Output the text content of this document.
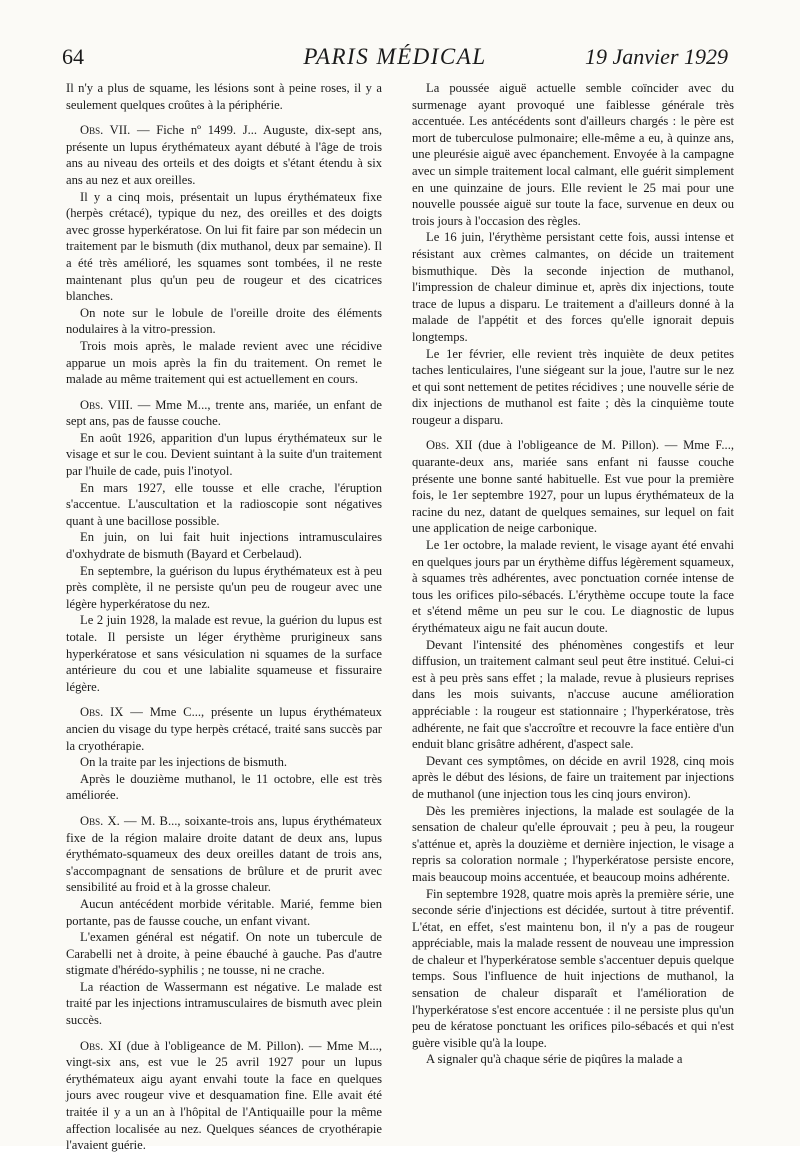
64	PARIS MÉDICAL	19 Janvier 1929

Il n'y a plus de squame, les lésions sont à peine roses, il y a seulement quelques croûtes à la périphérie.

Obs. VII. — Fiche nº 1499. J... Auguste, dix-sept ans, présente un lupus érythémateux ayant débuté à l'âge de trois ans au niveau des orteils et des doigts et s'étant étendu à six ans au nez et aux oreilles.

Il y a cinq mois, présentait un lupus érythémateux fixe (herpès crétacé), typique du nez, des oreilles et des doigts avec grosse hyperkératose. On lui fit faire par son médecin un traitement par le bismuth (dix muthanol, deux par semaine). Il a été très amélioré, les squames sont tombées, il ne reste maintenant plus qu'un peu de rougeur et des cicatrices blanches.

On note sur le lobule de l'oreille droite des éléments nodulaires à la vitro-pression.

Trois mois après, le malade revient avec une récidive apparue un mois après la fin du traitement. On remet le malade au même traitement qui est actuellement en cours.

Obs. VIII. — Mme M..., trente ans, mariée, un enfant de sept ans, pas de fausse couche.

En août 1926, apparition d'un lupus érythémateux sur le visage et sur le cou. Devient suintant à la suite d'un traitement par l'huile de cade, puis l'inotyol.

En mars 1927, elle tousse et elle crache, l'éruption s'accentue. L'auscultation et la radioscopie sont négatives quant à une bacillose possible.

En juin, on lui fait huit injections intramusculaires d'oxhydrate de bismuth (Bayard et Cerbelaud).

En septembre, la guérison du lupus érythémateux est à peu près complète, il ne persiste qu'un peu de rougeur avec une légère hyperkératose du nez.

Le 2 juin 1928, la malade est revue, la guérion du lupus est totale. Il persiste un léger érythème prurigineux sans hyperkératose et sans vésiculation ni squames de la surface antérieure du cou et une labialite squameuse et fissuraire légère.

Obs. IX — Mme C..., présente un lupus érythémateux ancien du visage du type herpès crétacé, traité sans succès par la cryothérapie.

On la traite par les injections de bismuth.

Après le douzième muthanol, le 11 octobre, elle est très améliorée.

Obs. X. — M. B..., soixante-trois ans, lupus érythémateux fixe de la région malaire droite datant de deux ans, lupus érythémato-squameux des deux oreilles datant de trois ans, s'accompagnant de sensations de brûlure et de prurit avec sensibilité au froid et à la grosse chaleur.

Aucun antécédent morbide véritable. Marié, femme bien portante, pas de fausse couche, un enfant vivant.

L'examen général est négatif. On note un tubercule de Carabelli net à droite, à peine ébauché à gauche. Pas d'autre stigmate d'hérédo-syphilis ; ne tousse, ni ne crache.

La réaction de Wassermann est négative. Le malade est traité par les injections intramusculaires de bismuth avec plein succès.

Obs. XI (due à l'obligeance de M. Pillon). — Mme M..., vingt-six ans, est vue le 25 avril 1927 pour un lupus érythémateux aigu ayant envahi toute la face en quelques jours avec rougeur vive et desquamation fine. Elle avait été traitée il y a un an à l'hôpital de l'Antiquaille pour la même affection localisée au nez. Quelques séances de cryothérapie l'avaient guérie.

La poussée aiguë actuelle semble coïncider avec du surmenage ayant provoqué une faiblesse générale très accentuée. Les antécédents sont d'ailleurs chargés : le père est mort de tuberculose pulmonaire; elle-même a eu, à quinze ans, une pleurésie aiguë avec épanchement. Envoyée à la campagne avec un simple traitement local calmant, elle guérit simplement en une quinzaine de jours. Elle revient le 25 mai pour une nouvelle poussée aiguë sur toute la face, survenue en deux ou trois jours à l'occasion des règles.

Le 16 juin, l'érythème persistant cette fois, aussi intense et résistant aux crèmes calmantes, on décide un traitement bismuthique. Dès la seconde injection de muthanol, l'impression de chaleur diminue et, après dix injections, toute trace de lupus a disparu. Le traitement a d'ailleurs donné à la malade de l'appétit et des forces qu'elle ignorait depuis longtemps.

Le 1er février, elle revient très inquiète de deux petites taches lenticulaires, l'une siégeant sur la joue, l'autre sur le nez et qui sont nettement de petites récidives ; une nouvelle série de dix injections de muthanol est faite ; dès la cinquième toute rougeur a disparu.

Obs. XII (due à l'obligeance de M. Pillon). — Mme F..., quarante-deux ans, mariée sans enfant ni fausse couche présente une bonne santé habituelle. Est vue pour la première fois, le 1er septembre 1927, pour un lupus érythémateux de la racine du nez, datant de quelques semaines, sur lequel on fait une application de neige carbonique.

Le 1er octobre, la malade revient, le visage ayant été envahi en quelques jours par un érythème diffus légèrement squameux, à squames très adhérentes, avec ponctuation cornée intense de tous les orifices pilo-sébacés. L'érythème occupe toute la face et s'étend même un peu sur le cou. Le diagnostic de lupus érythémateux aigu ne fait aucun doute.

Devant l'intensité des phénomènes congestifs et leur diffusion, un traitement calmant seul peut être institué. Celui-ci est à peu près sans effet ; la malade, revue à plusieurs reprises dans les mois suivants, n'accuse aucune amélioration appréciable : la rougeur est stationnaire ; l'hyperkératose, très adhérente, ne fait que s'accroître et recouvre la face entière d'un enduit blanc grisâtre adhérent, d'aspect sale.

Devant ces symptômes, on décide en avril 1928, cinq mois après le début des lésions, de faire un traitement par injections de muthanol (une injection tous les cinq jours environ).

Dès les premières injections, la malade est soulagée de la sensation de chaleur qu'elle éprouvait ; peu à peu, la rougeur s'atténue et, après la douzième et dernière injection, le visage a repris sa coloration normale ; l'hyperkératose persiste encore, mais beaucoup moins accentuée, et beaucoup moins adhérente.

Fin septembre 1928, quatre mois après la première série, une seconde série d'injections est décidée, surtout à titre préventif. L'état, en effet, s'est maintenu bon, il n'y a pas de rougeur appréciable, mais la malade ressent de nouveau une impression de chaleur et l'hyperkératose semble s'accentuer depuis quelque temps. Sous l'influence de huit injections de muthanol, la sensation de chaleur disparaît et l'amélioration de l'hyperkératose s'est encore accentuée : il ne persiste plus qu'un peu de kératose ponctuant les orifices pilo-sébacés et qui n'est guère visible qu'à la loupe.

A signaler qu'à chaque série de piqûres la malade a
